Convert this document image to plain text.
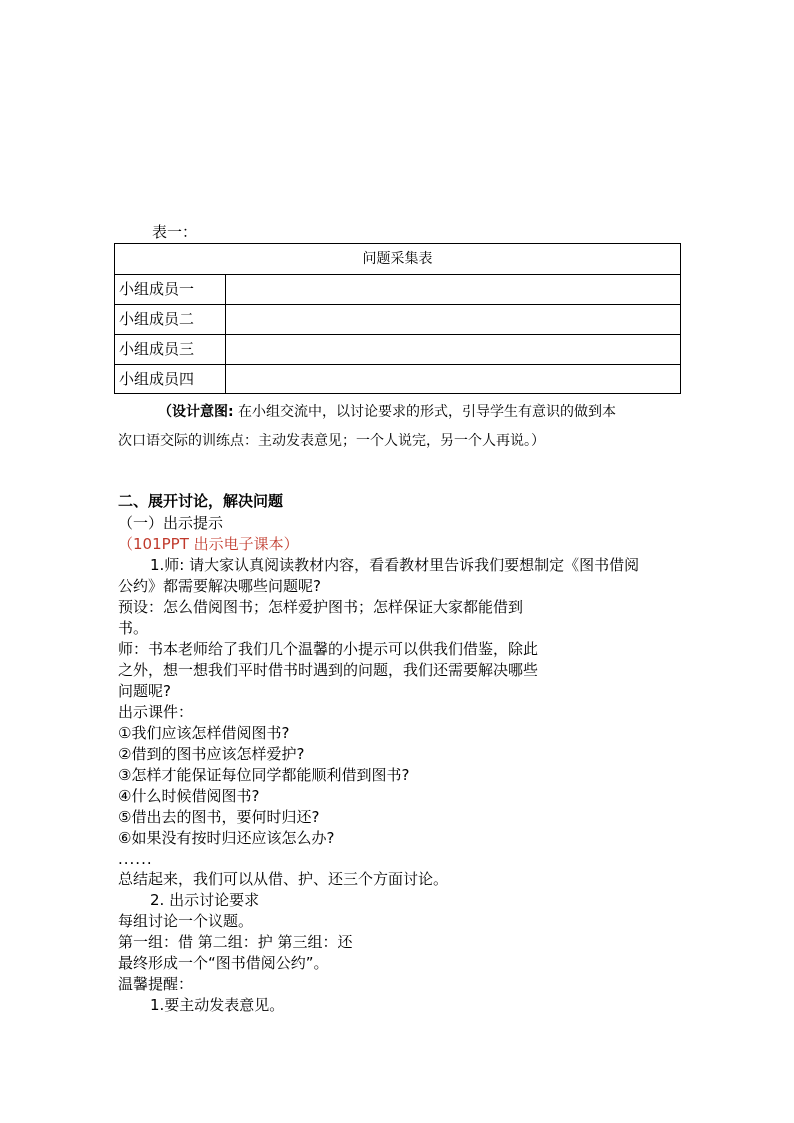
表一：
问题采集表
小组成员一
小组成员二
小组成员三
小组成员四
（设计意图: 在小组交流中，以讨论要求的形式，引导学生有意识的做到本
次口语交际的训练点：主动发表意见；一个人说完，另一个人再说。）
二、展开讨论，解决问题
（一）出示提示
（101PPT 出示电子课本）
1.师: 请大家认真阅读教材内容，看看教材里告诉我们要想制定《图书借阅
公约》都需要解决哪些问题呢?
预设：怎么借阅图书；怎样爱护图书；怎样保证大家都能借到
书。
师：书本老师给了我们几个温馨的小提示可以供我们借鉴，除此
之外，想一想我们平时借书时遇到的问题，我们还需要解决哪些
问题呢?
出示课件：
①我们应该怎样借阅图书?
②借到的图书应该怎样爱护?
③怎样才能保证每位同学都能顺利借到图书?
④什么时候借阅图书?
⑤借出去的图书，要何时归还?
⑥如果没有按时归还应该怎么办?
......
总结起来，我们可以从借、护、还三个方面讨论。
2. 出示讨论要求
每组讨论一个议题。
第一组：借 第二组：护 第三组：还
最终形成一个“图书借阅公约”。
温馨提醒：
1.要主动发表意见。
